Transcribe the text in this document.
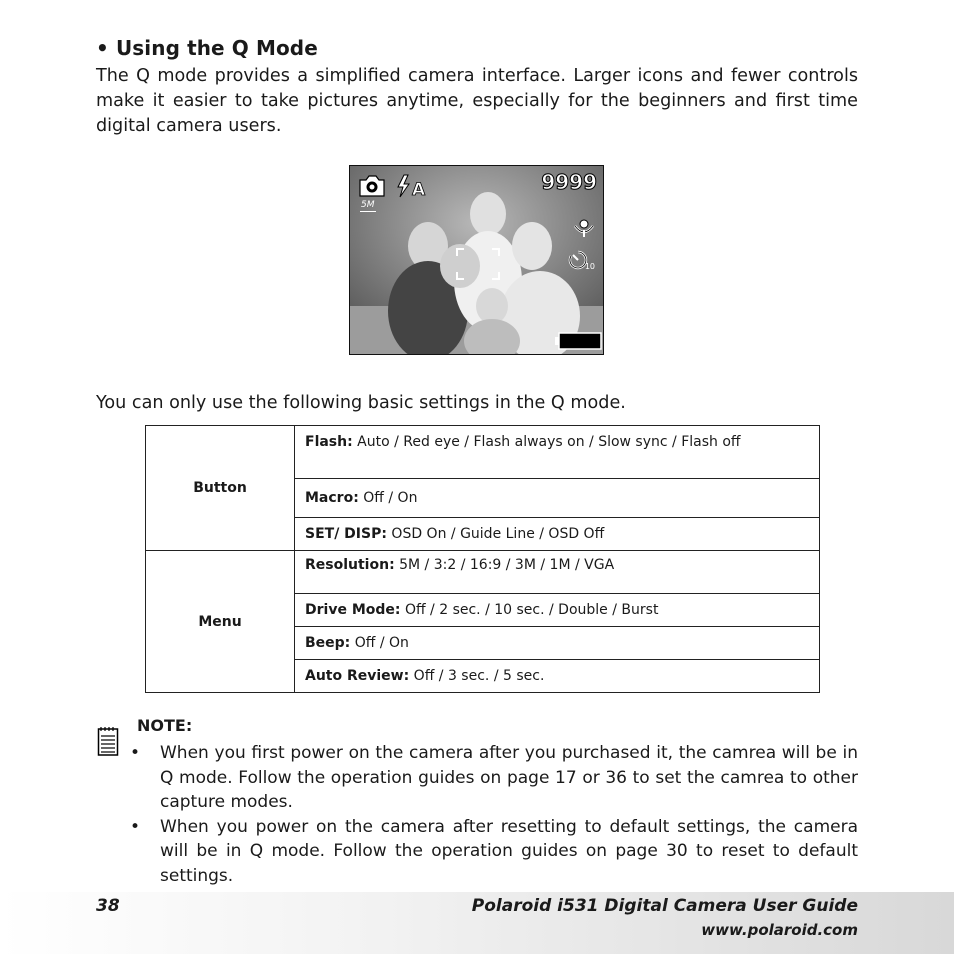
• Using the Q Mode

The Q mode provides a simplified camera interface. Larger icons and fewer controls make it easier to take pictures anytime, especially for the beginners and first time digital camera users.

A	9999
5M
10
You can only use the following basic settings in the Q mode.
Button	Flash: Auto / Red eye / Flash always on / Slow sync / Flash off
	Macro: Off / On
	SET/ DISP: OSD On / Guide Line / OSD Off
Menu	Resolution: 5M / 3:2 / 16:9 / 3M / 1M / VGA
	Drive Mode: Off / 2 sec. / 10 sec. / Double / Burst
	Beep: Off / On
	Auto Review: Off / 3 sec. / 5 sec.
NOTE:
• When you first power on the camera after you purchased it, the camrea will be in Q mode. Follow the operation guides on page 17 or 36 to set the camrea to other capture modes.
• When you power on the camera after resetting to default settings, the camera will be in Q mode. Follow the operation guides on page 30 to reset to default settings.
38	Polaroid i531 Digital Camera User Guide
www.polaroid.com
